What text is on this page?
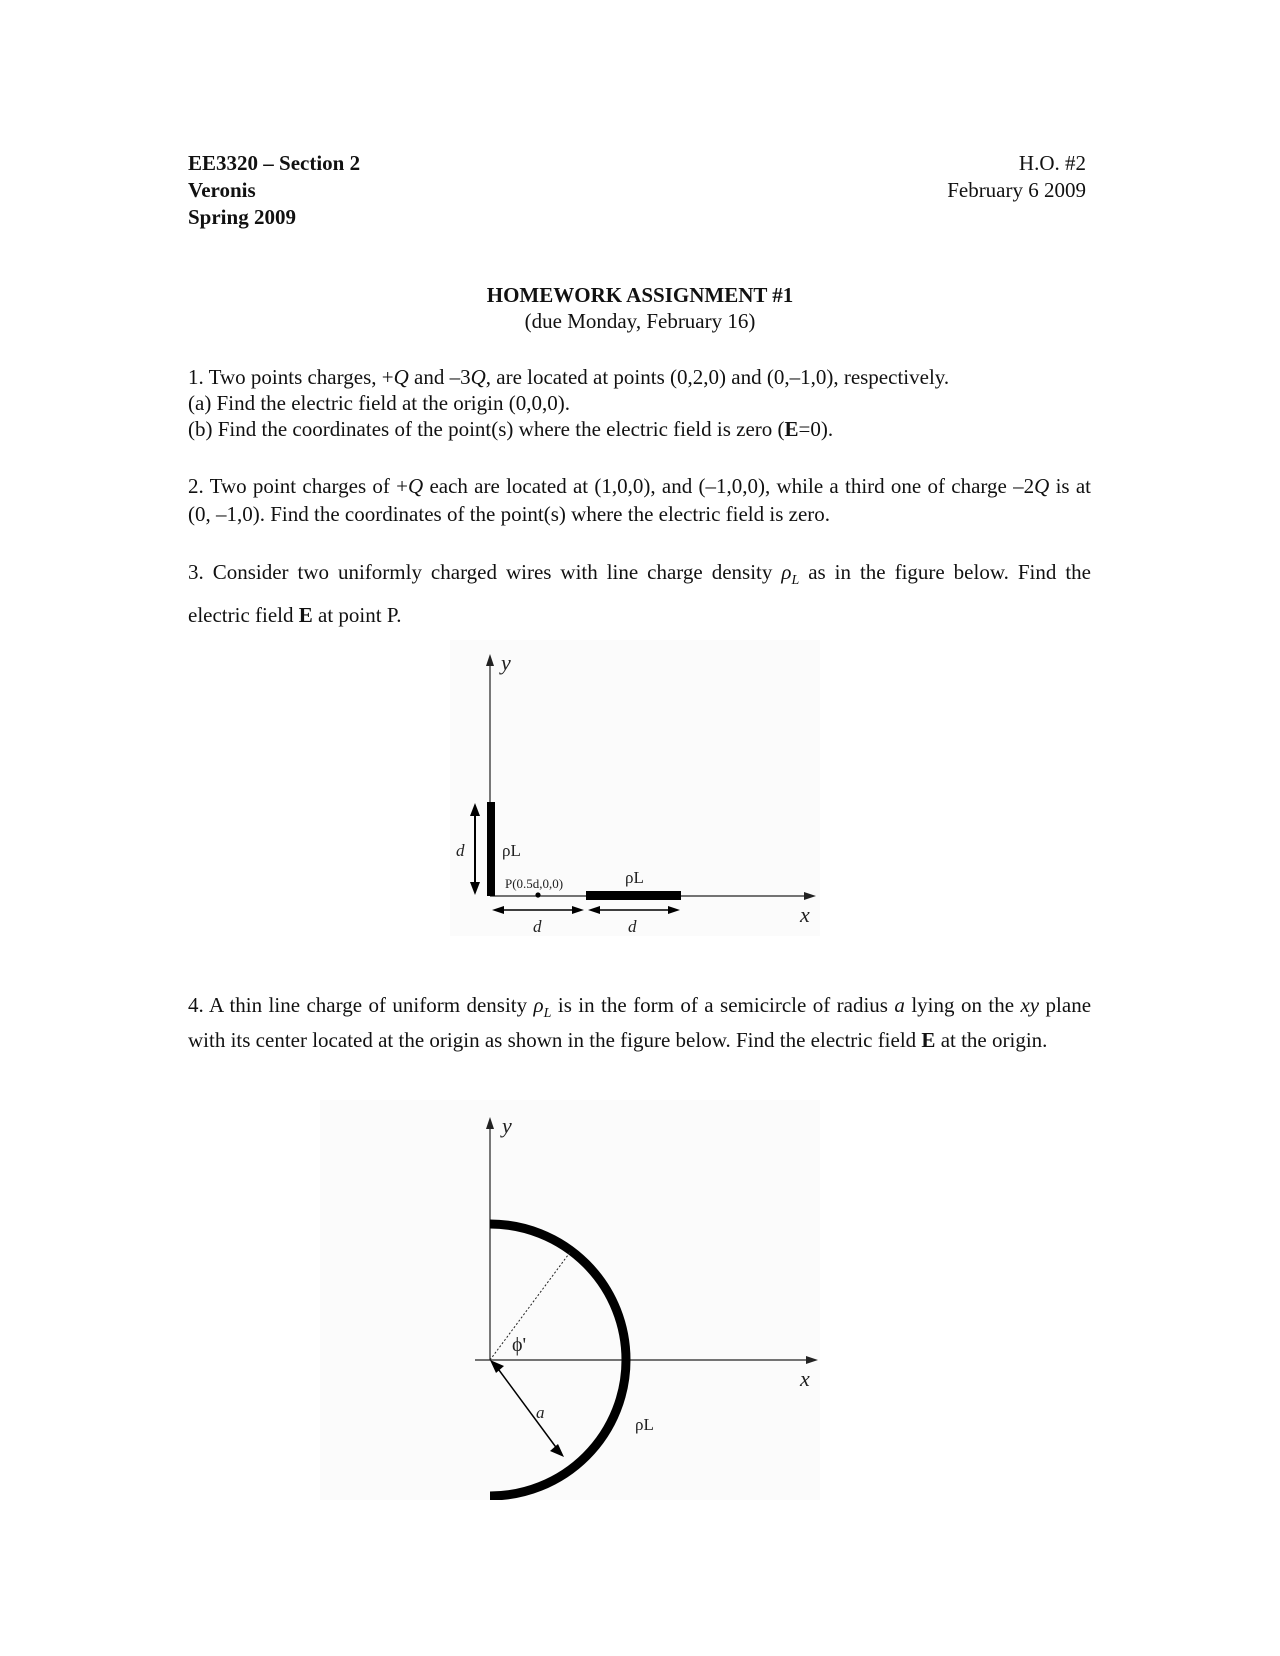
EE3320 – Section 2
Veronis
Spring 2009
H.O. #2
February 6 2009
HOMEWORK ASSIGNMENT #1
(due Monday, February 16)

1. Two points charges, +Q and –3Q, are located at points (0,2,0) and (0,–1,0), respectively.

(a) Find the electric field at the origin (0,0,0).

(b) Find the coordinates of the point(s) where the electric field is zero (E=0).

2. Two point charges of +Q each are located at (1,0,0), and (–1,0,0), while a third one of charge –2Q is at (0, –1,0). Find the coordinates of the point(s) where the electric field is zero.

3. Consider two uniformly charged wires with line charge density $\rho_L$ as in the figure below. Find the electric field E at point P.

y
x
ρL
d
P(0.5d,0,0)	ρL
d	d

4. A thin line charge of uniform density $\rho_L$ is in the form of a semicircle of radius a lying on the xy plane with its center located at the origin as shown in the figure below. Find the electric field E at the origin.

y
x
ϕ'
a
ρL
